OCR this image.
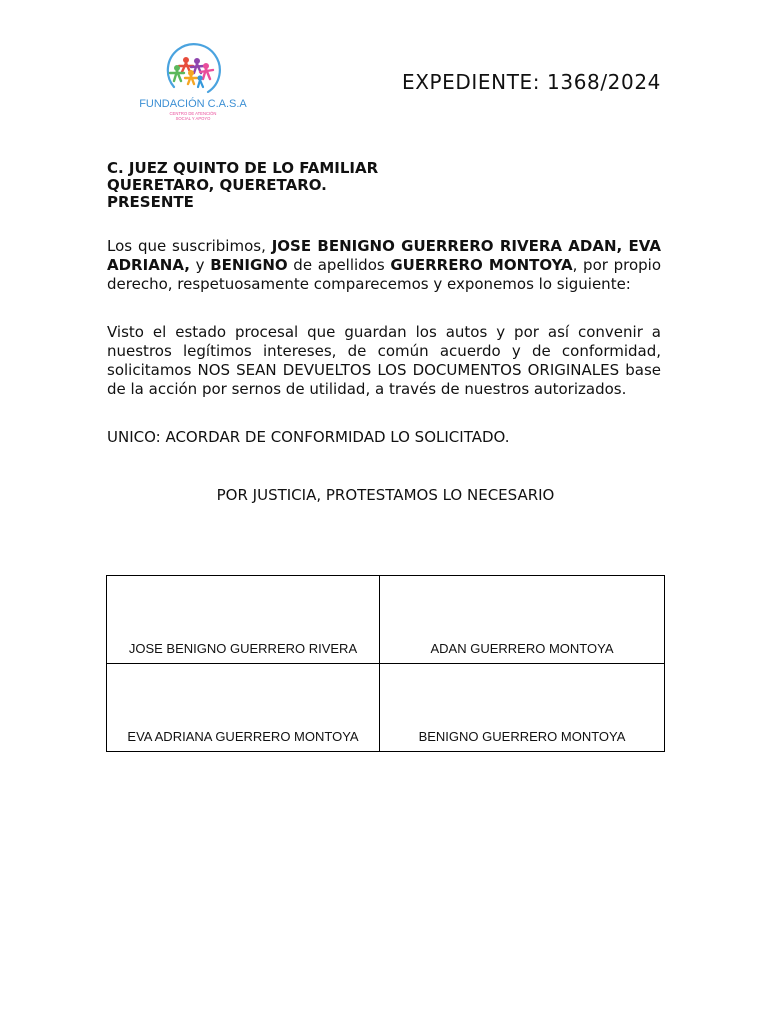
FUNDACIÓN C.A.S.A
CENTRO DE ATENCIÓN
SOCIAL Y APOYO
EXPEDIENTE: 1368/2024
C. JUEZ QUINTO DE LO FAMILIAR
QUERETARO, QUERETARO.
PRESENTE
Los que suscribimos, JOSE BENIGNO GUERRERO RIVERA ADAN, EVA ADRIANA, y BENIGNO de apellidos GUERRERO MONTOYA, por propio derecho, respetuosamente comparecemos y exponemos lo siguiente:
Visto el estado procesal que guardan los autos y por así convenir a nuestros legítimos intereses, de común acuerdo y de conformidad, solicitamos NOS SEAN DEVUELTOS LOS DOCUMENTOS ORIGINALES base de la acción por sernos de utilidad, a través de nuestros autorizados.
UNICO: ACORDAR DE CONFORMIDAD LO SOLICITADO.
POR JUSTICIA, PROTESTAMOS LO NECESARIO
JOSE BENIGNO GUERRERO RIVERA	ADAN GUERRERO MONTOYA
EVA ADRIANA GUERRERO MONTOYA	BENIGNO GUERRERO MONTOYA
